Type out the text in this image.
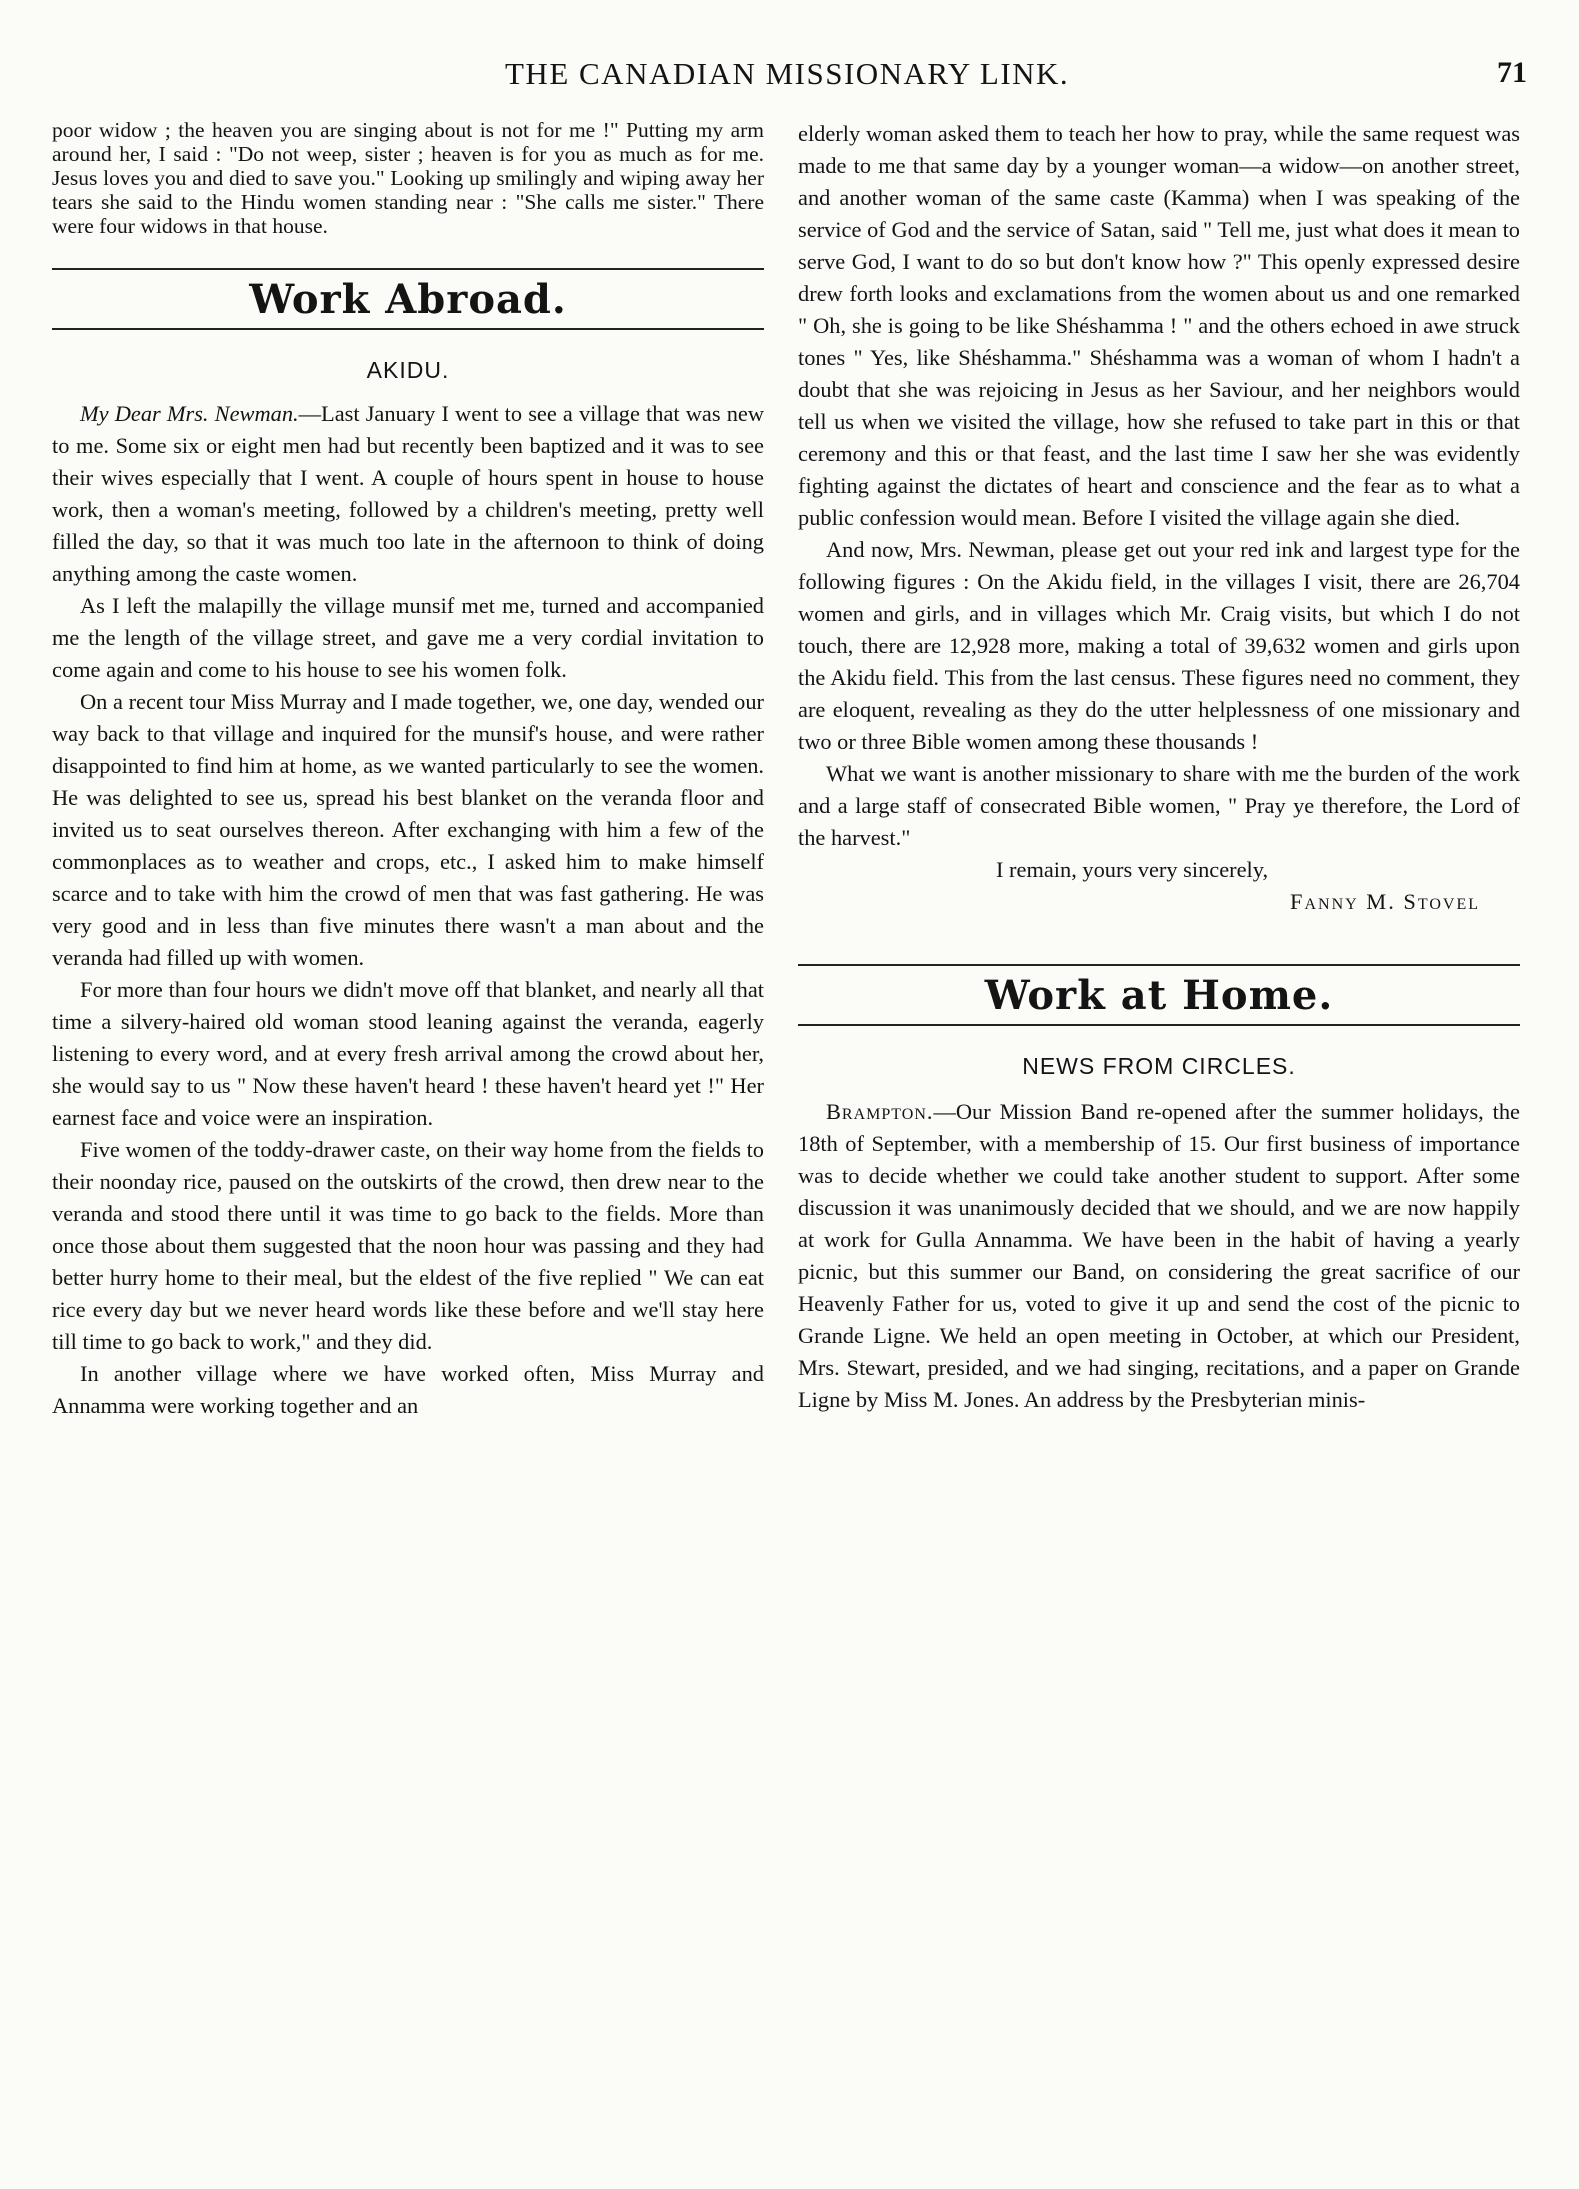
THE CANADIAN MISSIONARY LINK.	71

poor widow ; the heaven you are singing about is not for me !" Putting my arm around her, I said : "Do not weep, sister ; heaven is for you as much as for me. Jesus loves you and died to save you." Looking up smilingly and wiping away her tears she said to the Hindu women standing near : "She calls me sister." There were four widows in that house.

Work Abroad.
AKIDU.

My Dear Mrs. Newman.—Last January I went to see a village that was new to me. Some six or eight men had but recently been baptized and it was to see their wives especially that I went. A couple of hours spent in house to house work, then a woman's meeting, followed by a children's meeting, pretty well filled the day, so that it was much too late in the afternoon to think of doing anything among the caste women.

As I left the malapilly the village munsif met me, turned and accompanied me the length of the village street, and gave me a very cordial invitation to come again and come to his house to see his women folk.

On a recent tour Miss Murray and I made together, we, one day, wended our way back to that village and inquired for the munsif's house, and were rather disappointed to find him at home, as we wanted particularly to see the women. He was delighted to see us, spread his best blanket on the veranda floor and invited us to seat ourselves thereon. After exchanging with him a few of the commonplaces as to weather and crops, etc., I asked him to make himself scarce and to take with him the crowd of men that was fast gathering. He was very good and in less than five minutes there wasn't a man about and the veranda had filled up with women.

For more than four hours we didn't move off that blanket, and nearly all that time a silvery-haired old woman stood leaning against the veranda, eagerly listening to every word, and at every fresh arrival among the crowd about her, she would say to us " Now these haven't heard ! these haven't heard yet !" Her earnest face and voice were an inspiration.

Five women of the toddy-drawer caste, on their way home from the fields to their noonday rice, paused on the outskirts of the crowd, then drew near to the veranda and stood there until it was time to go back to the fields. More than once those about them suggested that the noon hour was passing and they had better hurry home to their meal, but the eldest of the five replied " We can eat rice every day but we never heard words like these before and we'll stay here till time to go back to work," and they did.

In another village where we have worked often, Miss Murray and Annamma were working together and an

elderly woman asked them to teach her how to pray, while the same request was made to me that same day by a younger woman—a widow—on another street, and another woman of the same caste (Kamma) when I was speaking of the service of God and the service of Satan, said " Tell me, just what does it mean to serve God, I want to do so but don't know how ?" This openly expressed desire drew forth looks and exclamations from the women about us and one remarked " Oh, she is going to be like Shéshamma ! " and the others echoed in awe struck tones " Yes, like Shéshamma." Shéshamma was a woman of whom I hadn't a doubt that she was rejoicing in Jesus as her Saviour, and her neighbors would tell us when we visited the village, how she refused to take part in this or that ceremony and this or that feast, and the last time I saw her she was evidently fighting against the dictates of heart and conscience and the fear as to what a public confession would mean. Before I visited the village again she died.

And now, Mrs. Newman, please get out your red ink and largest type for the following figures : On the Akidu field, in the villages I visit, there are 26,704 women and girls, and in villages which Mr. Craig visits, but which I do not touch, there are 12,928 more, making a total of 39,632 women and girls upon the Akidu field. This from the last census. These figures need no comment, they are eloquent, revealing as they do the utter helplessness of one missionary and two or three Bible women among these thousands !

What we want is another missionary to share with me the burden of the work and a large staff of consecrated Bible women, " Pray ye therefore, the Lord of the harvest."

I remain, yours very sincerely,

Fanny M. Stovel

Work at Home.
NEWS FROM CIRCLES.

Brampton.—Our Mission Band re-opened after the summer holidays, the 18th of September, with a membership of 15. Our first business of importance was to decide whether we could take another student to support. After some discussion it was unanimously decided that we should, and we are now happily at work for Gulla Annamma. We have been in the habit of having a yearly picnic, but this summer our Band, on considering the great sacrifice of our Heavenly Father for us, voted to give it up and send the cost of the picnic to Grande Ligne. We held an open meeting in October, at which our President, Mrs. Stewart, presided, and we had singing, recitations, and a paper on Grande Ligne by Miss M. Jones. An address by the Presbyterian minis-
